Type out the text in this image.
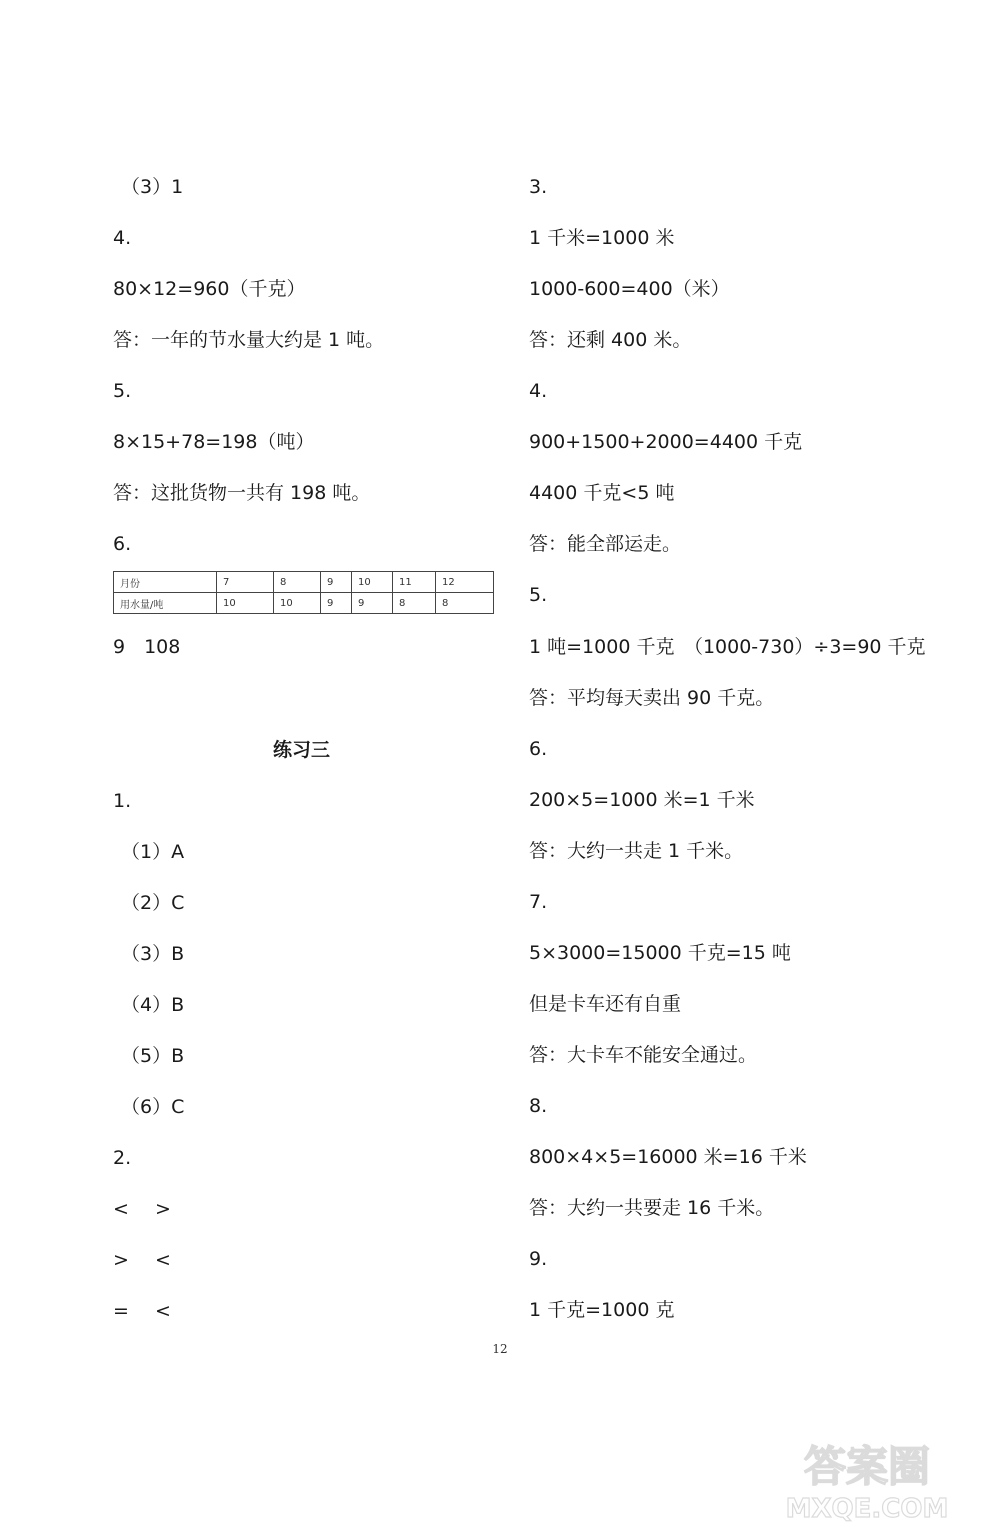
（3）1
4.
80×12=960（千克）
答：一年的节水量大约是 1 吨。
5.
8×15+78=198（吨）
答：这批货物一共有 198 吨。
6.
月份	7	8	9	10	11	12
用水量/吨	10	10	9	9	8	8
9　108
练习三
1.
（1）A
（2）C
（3）B
（4）B
（5）B
（6）C
2.
< >
> <
= <
3.
1 千米=1000 米
1000-600=400（米）
答：还剩 400 米。
4.
900+1500+2000=4400 千克
4400 千克<5 吨
答：能全部运走。
5.
1 吨=1000 千克　（1000-730）÷3=90 千克
答：平均每天卖出 90 千克。
6.
200×5=1000 米=1 千米
答：大约一共走 1 千米。
7.
5×3000=15000 千克=15 吨
但是卡车还有自重
答：大卡车不能安全通过。
8.
800×4×5=16000 米=16 千米
答：大约一共要走 16 千米。
9.
1 千克=1000 克
12
答案圈
MXQE.COM
